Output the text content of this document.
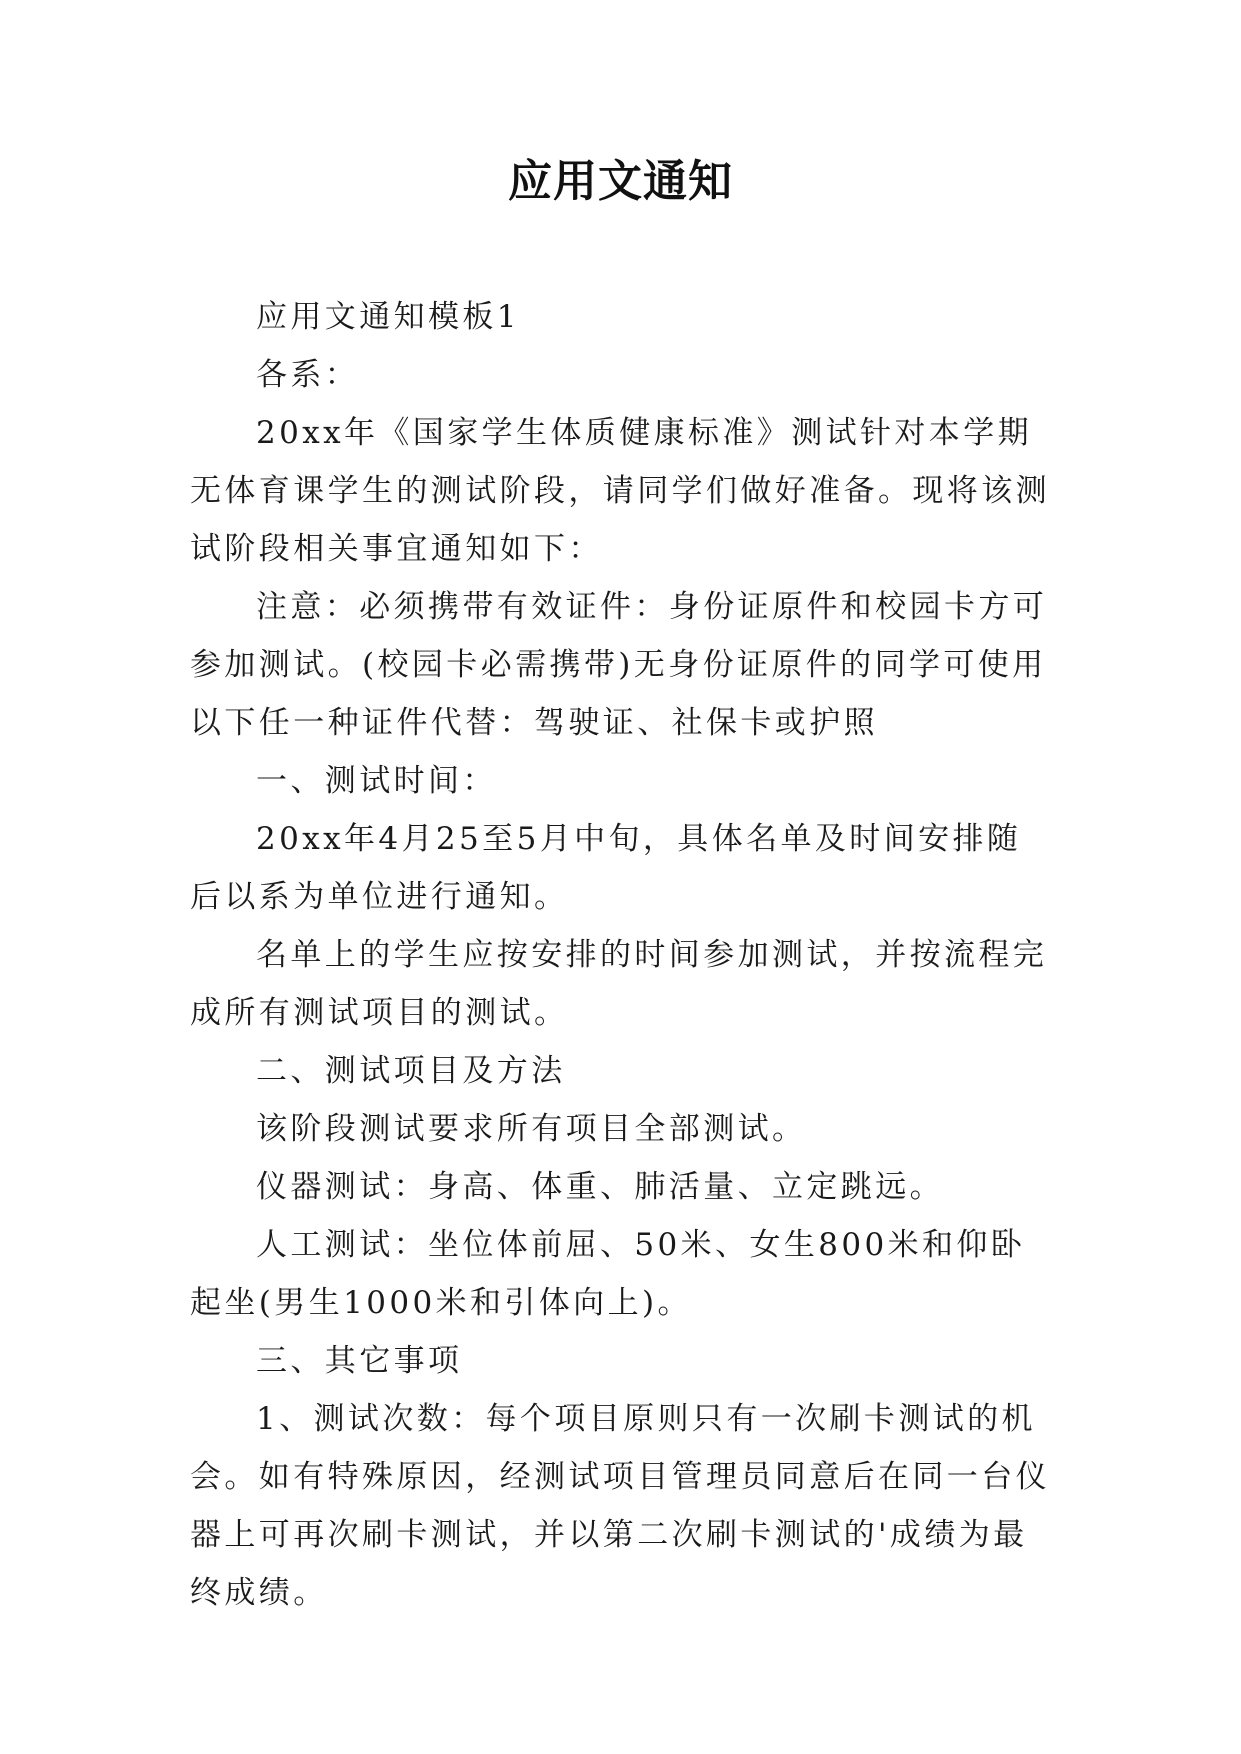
应用文通知

应用文通知模板1

各系：

20xx年《国家学生体质健康标准》测试针对本学期无体育课学生的测试阶段，请同学们做好准备。现将该测试阶段相关事宜通知如下：

注意：必须携带有效证件：身份证原件和校园卡方可参加测试。(校园卡必需携带)无身份证原件的同学可使用以下任一种证件代替：驾驶证、社保卡或护照

一、测试时间：

20xx年4月25至5月中旬，具体名单及时间安排随后以系为单位进行通知。

名单上的学生应按安排的时间参加测试，并按流程完成所有测试项目的测试。

二、测试项目及方法

该阶段测试要求所有项目全部测试。

仪器测试：身高、体重、肺活量、立定跳远。

人工测试：坐位体前屈、50米、女生800米和仰卧起坐(男生1000米和引体向上)。

三、其它事项

1、测试次数：每个项目原则只有一次刷卡测试的机会。如有特殊原因，经测试项目管理员同意后在同一台仪器上可再次刷卡测试，并以第二次刷卡测试的'成绩为最终成绩。
